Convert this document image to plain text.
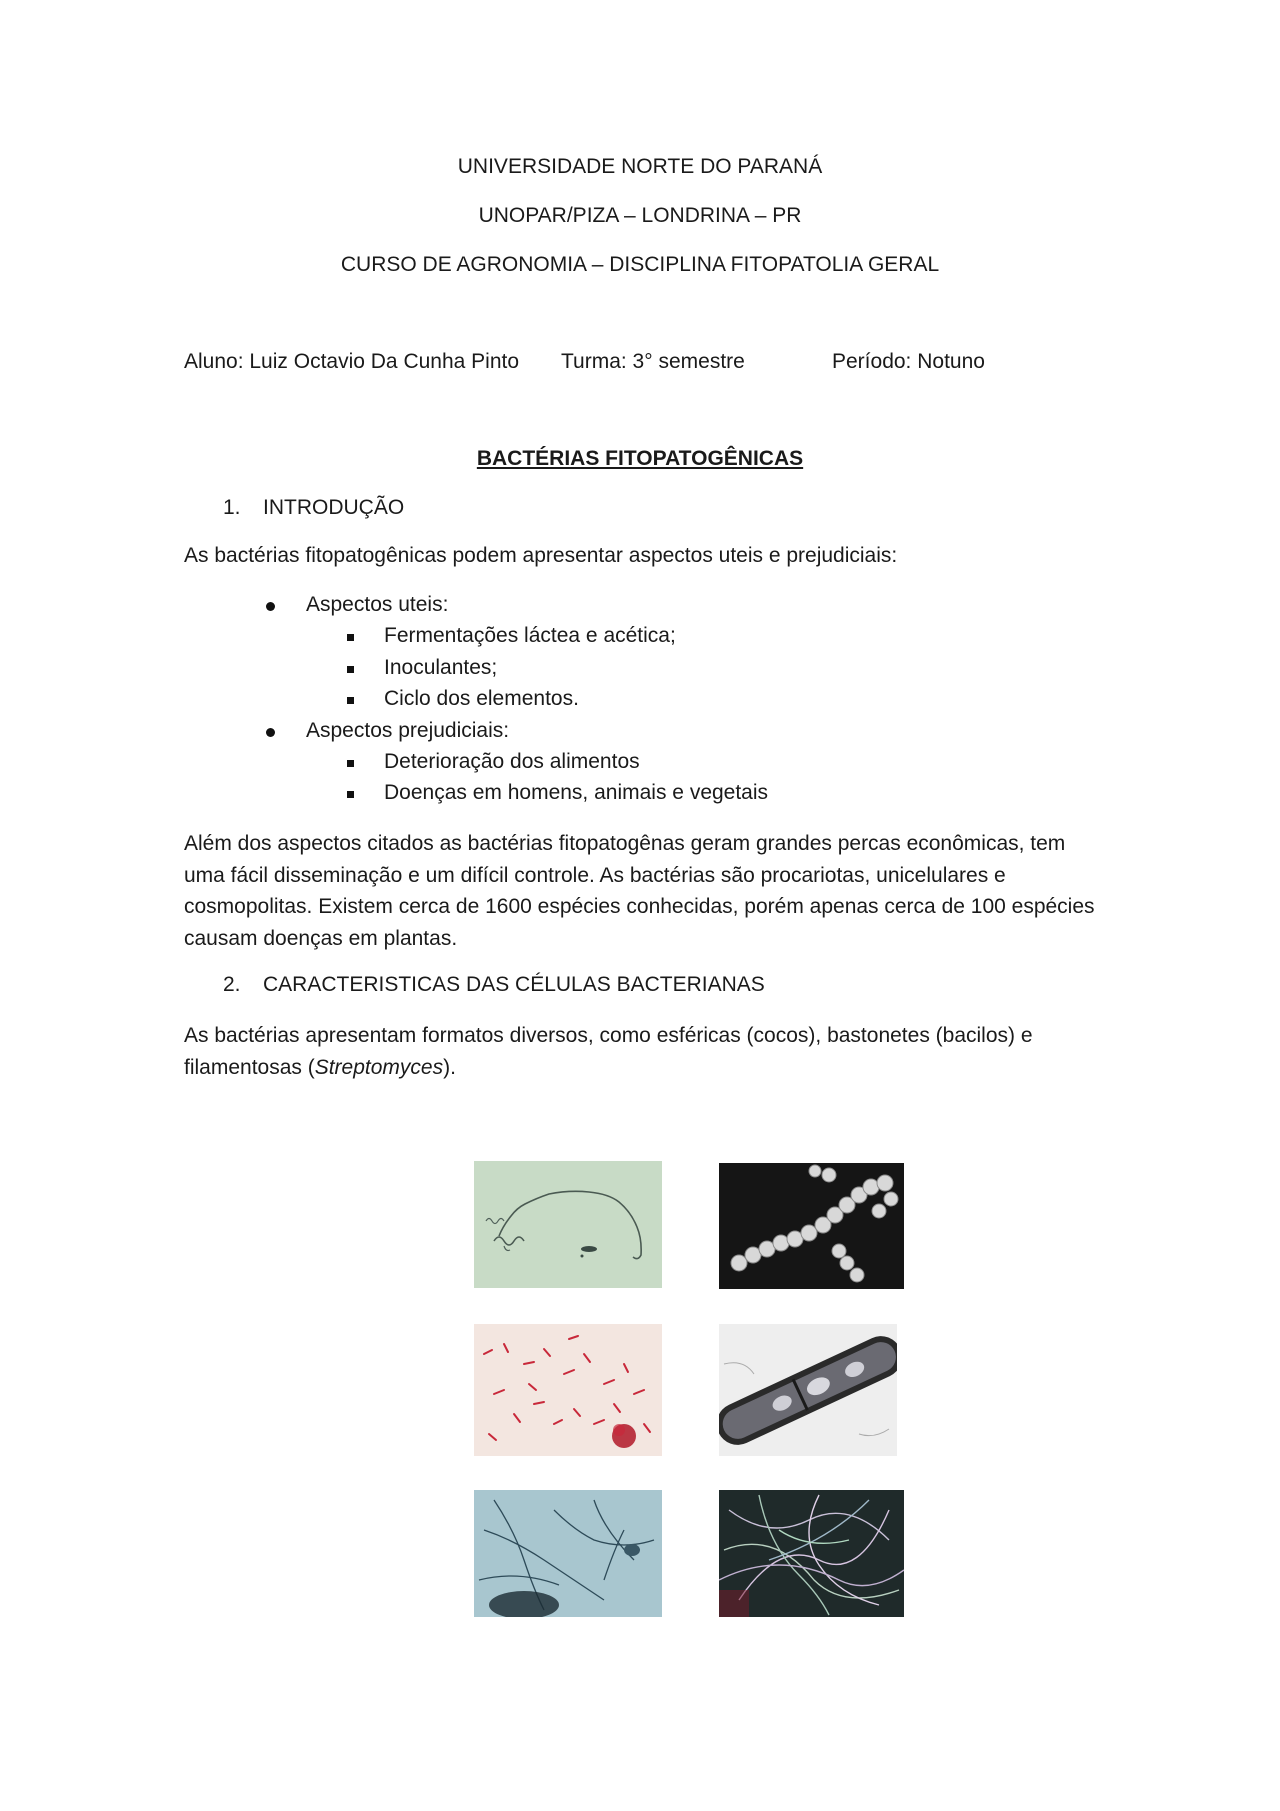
UNIVERSIDADE NORTE DO PARANÁ
UNOPAR/PIZA – LONDRINA – PR
CURSO DE AGRONOMIA – DISCIPLINA FITOPATOLIA GERAL
Aluno: Luiz Octavio Da Cunha Pinto Turma: 3° semestre	Período: Notuno
BACTÉRIAS FITOPATOGÊNICAS
1. INTRODUÇÃO
As bactérias fitopatogênicas podem apresentar aspectos uteis e prejudiciais:
Aspectos uteis:
Fermentações láctea e acética;
Inoculantes;
Ciclo dos elementos.
Aspectos prejudiciais:
Deterioração dos alimentos
Doenças em homens, animais e vegetais
Além dos aspectos citados as bactérias fitopatogênas geram grandes percas econômicas, tem uma fácil disseminação e um difícil controle. As bactérias são procariotas, unicelulares e cosmopolitas. Existem cerca de 1600 espécies conhecidas, porém apenas cerca de 100 espécies causam doenças em plantas.
2. CARACTERISTICAS DAS CÉLULAS BACTERIANAS
As bactérias apresentam formatos diversos, como esféricas (cocos), bastonetes (bacilos) e filamentosas (Streptomyces).
